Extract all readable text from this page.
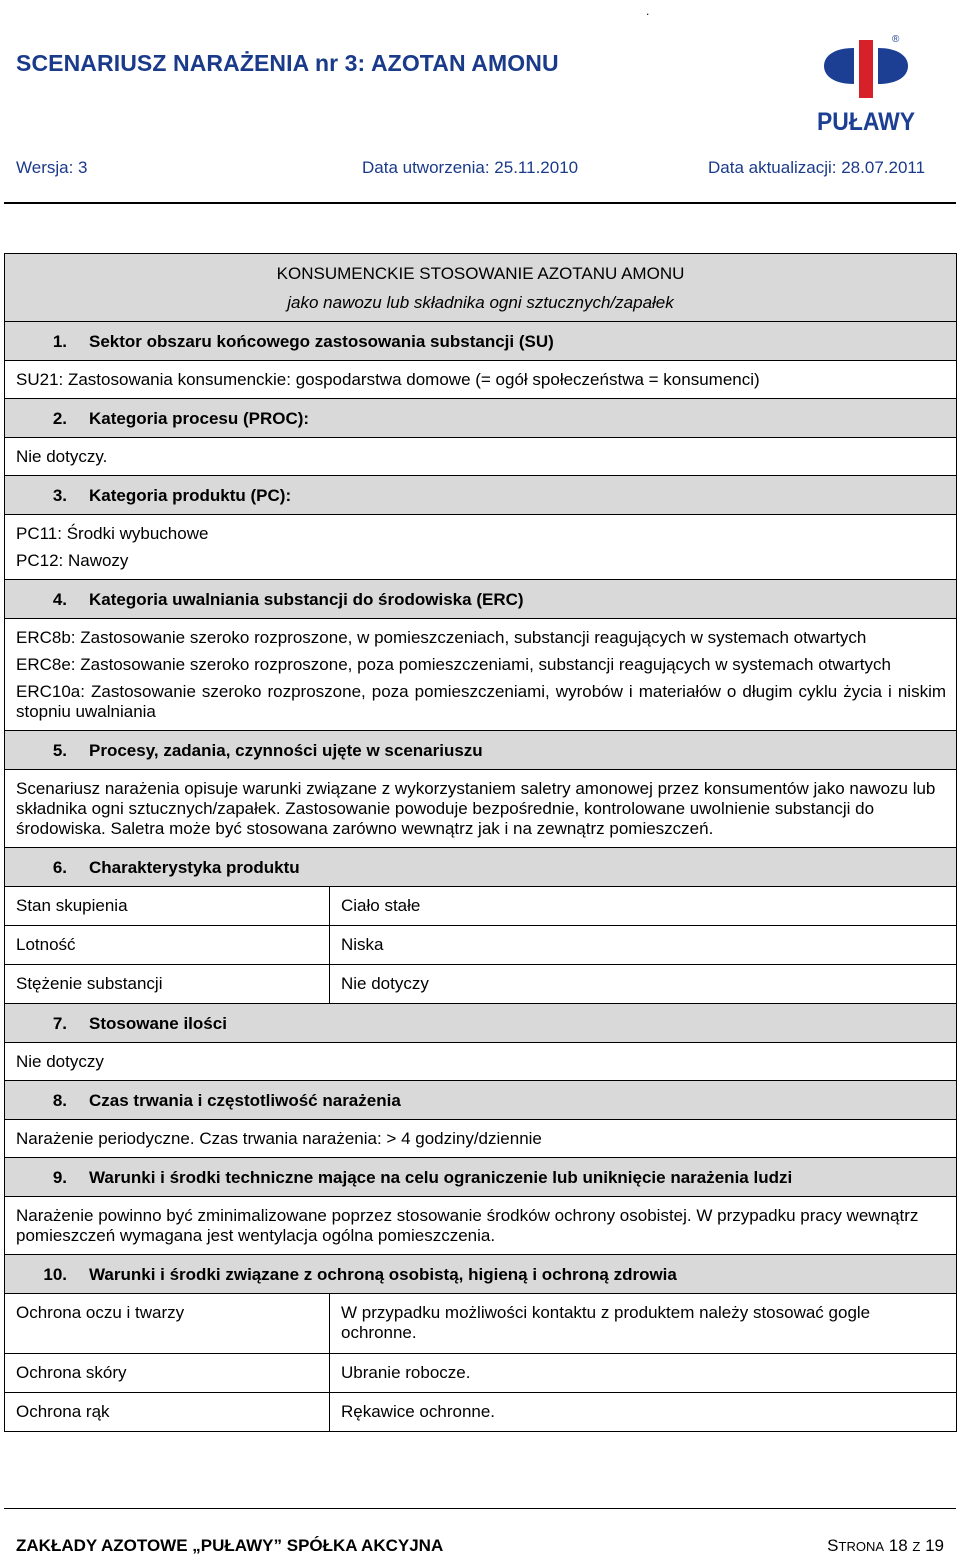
.
SCENARIUSZ NARAŻENIA nr 3: AZOTAN AMONU
®
PUŁAWY
Wersja: 3	Data utworzenia: 25.11.2010	Data aktualizacji: 28.07.2011
KONSUMENCKIE STOSOWANIE AZOTANU AMONU
jako nawozu lub składnika ogni sztucznych/zapałek	

1. Sektor obszaru końcowego zastosowania substancji (SU)	

SU21: Zastosowania konsumenckie: gospodarstwa domowe (= ogół społeczeństwa = konsumenci)	

2. Kategoria procesu (PROC):	

Nie dotyczy.	

3. Kategoria produktu (PC):	

PC11: Środki wybuchowe
PC12: Nawozy	

4. Kategoria uwalniania substancji do środowiska (ERC)	

ERC8b: Zastosowanie szeroko rozproszone, w pomieszczeniach, substancji reagujących w systemach otwartych
ERC8e: Zastosowanie szeroko rozproszone, poza pomieszczeniami, substancji reagujących w systemach otwartych
ERC10a: Zastosowanie szeroko rozproszone, poza pomieszczeniami, wyrobów i materiałów o długim cyklu życia i niskim stopniu uwalniania	

5. Procesy, zadania, czynności ujęte w scenariuszu	

Scenariusz narażenia opisuje warunki związane z wykorzystaniem saletry amonowej przez konsumentów jako nawozu lub składnika ogni sztucznych/zapałek. Zastosowanie powoduje bezpośrednie, kontrolowane uwolnienie substancji do środowiska. Saletra może być stosowana zarówno wewnątrz jak i na zewnątrz pomieszczeń.	

6. Charakterystyka produktu	
Stan skupienia	Ciało stałe
Lotność	Niska
Stężenie substancji	Nie dotyczy
7. Stosowane ilości	

Nie dotyczy	

8. Czas trwania i częstotliwość narażenia	

Narażenie periodyczne. Czas trwania narażenia: > 4 godziny/dziennie	

9. Warunki i środki techniczne mające na celu ograniczenie lub uniknięcie narażenia ludzi	

Narażenie powinno być zminimalizowane poprzez stosowanie środków ochrony osobistej. W przypadku pracy wewnątrz pomieszczeń wymagana jest wentylacja ogólna pomieszczenia.	

10. Warunki i środki związane z ochroną osobistą, higieną i ochroną zdrowia	
Ochrona oczu i twarzy	W przypadku możliwości kontaktu z produktem należy stosować gogle ochronne.
Ochrona skóry	Ubranie robocze.
Ochrona rąk	Rękawice ochronne.
ZAKŁADY AZOTOWE „PUŁAWY” SPÓŁKA AKCYJNA	STRONA 18 Z 19
